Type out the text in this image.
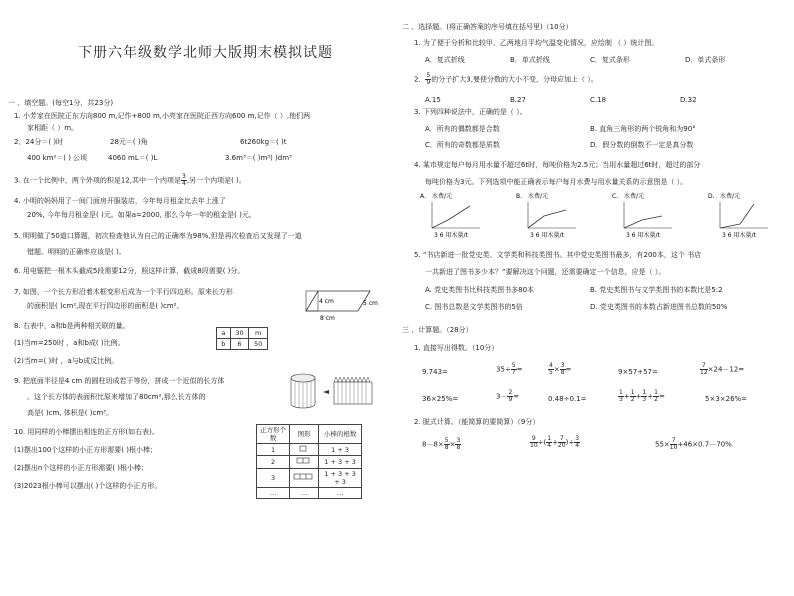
下册六年级数学北师大版期末模拟试题
一 、填空题。(每空1分，共23分)
1. 小芳家在医院正东方向800 m,记作+800 m,小亮家在医院正西方向600 m,记作（ ）,他们两
家相距（ ）m。
2．24分＝( )时	28元＝( )角	6t260kg＝( )t
400 km²＝( ) 公顷	4060 mL＝( )L	3.6m³＝( )m³( )dm³
3. 在一个比例中，两个外项的积是12,其中一个内项是 $\frac{3}{4}$ ,另一个内项是( )。
4. 小明的妈妈用了一间门面房开服装店，今年每月租金比去年上涨了
20%, 今年每月租金是( )元。如果a=2000, 那么今年一年的租金是( )元。
5. 明明做了50道口算题，初次检查他认为自己的正确率为98%,但是再次检查后又发现了一道
错题。明明的正确率应该是( )。
6. 用电锯把一根木头截成5段需要12分，照这样计算，截成8段需要( )分。
7. 如图，一个长方形沿着木框变形后成为一个平行四边形。原来长方形
的面积是( )cm²,现在平行四边形的面积是( )cm²。
4 cm	5 cm
8 cm
8. 右表中，a和b是两种相关联的量。
(1)当m=250时 ，a和b成( )比例。
(2)当m=( )时 ，a与b成反比例。
a	30	m
b	6	50
9. 把底面半径是4 cm 的圆柱切成若干等份，拼成一个近似的长方体
。这个长方体的表面积比原来增加了80cm²,那么长方体的
高是( )cm, 体积是( )cm³。
10. 用同样的小棒摆出相连的正方形(如右表)。
(1)摆出100个这样的小正方形需要( )根小棒；
(2)摆出n个这样的小正方形需要( )根小棒；
(3)2023根小棒可以摆出( )个这样的小正方形。
正方形个数	图形	小棒的根数
1		1 + 3
2		1 + 3 + 3
3		1 + 3 + 3 + 3
…	…	…
二 、选择题。(将正确答案的序号填在括号里)（10分）
1. 为了便于分析和比较甲、乙两地月平均气温变化情况，应绘制 （ ）统计图。
A．复式折线	B．单式折线	C．复式条形	D．单式条形
2． $\frac{5}{9}$ 的分子扩大3,要使分数的大小不变，分母应加上（ ）。
A.15	B.27	C.18	D.32
3. 下列四种说法中，正确的是（ ）。
A．所有的偶数都是合数	B. 直角三角形的两个锐角和为90°
C．所有的奇数都是质数	D．假分数的倒数不一定是真分数
4. 某市规定每户每月用水量不超过6t时，每吨价格为2.5元；当用水量超过6t时，超过的部分
每吨价格为3元。下列选项中能正确表示每户每月水费与用水量关系的示意图是（ ）。
A. 水费/元
3 6 用水量/t
B. 水费/元
3 6 用水量/t
C. 水费/元
3 6 用水量/t
D. 水费/元
3 6 用水量/t
5. “书店新进一批党史类、文学类和科技类图书。其中党史类图书最多，有200本，这个 书店
一共新进了图书多少本？”要解决这个问题，还需要确定一个信息，应是（ ）。
A. 党史类图书比科技类图书多80本	B. 党史类图书与文学类图书的本数比是5:2
C. 图书总数是文学类图书的5倍	D. 党史类图书的本数占新进图书总数的50%
三 、计算题。（28分）
1. 直接写出得数。（10分）
9.743=	$35\div \frac{5}{7}$ =	$\frac{4}{5} \times \frac{3}{8}$ =	9×57+57=	$\frac{7}{12} \times 24-12=$
36×25%=	$3- \frac{2}{9}$ =	0.48÷0.1=	$\frac{1}{3} + \frac{1}{2} + \frac{1}{3} + \frac{1}{2}$ =	5×3×26%=
2. 脱式计算。（能简算的要简算）（9分）
$8-8\times \frac{5}{8} \times \frac{3}{8}$	$\frac{9}{10}$ ÷( $\frac{1}{4} + \frac{7}{20}$ )÷ $\frac{3}{4}$	$55\times \frac{7}{10} +46\times 0.7-70\%$
